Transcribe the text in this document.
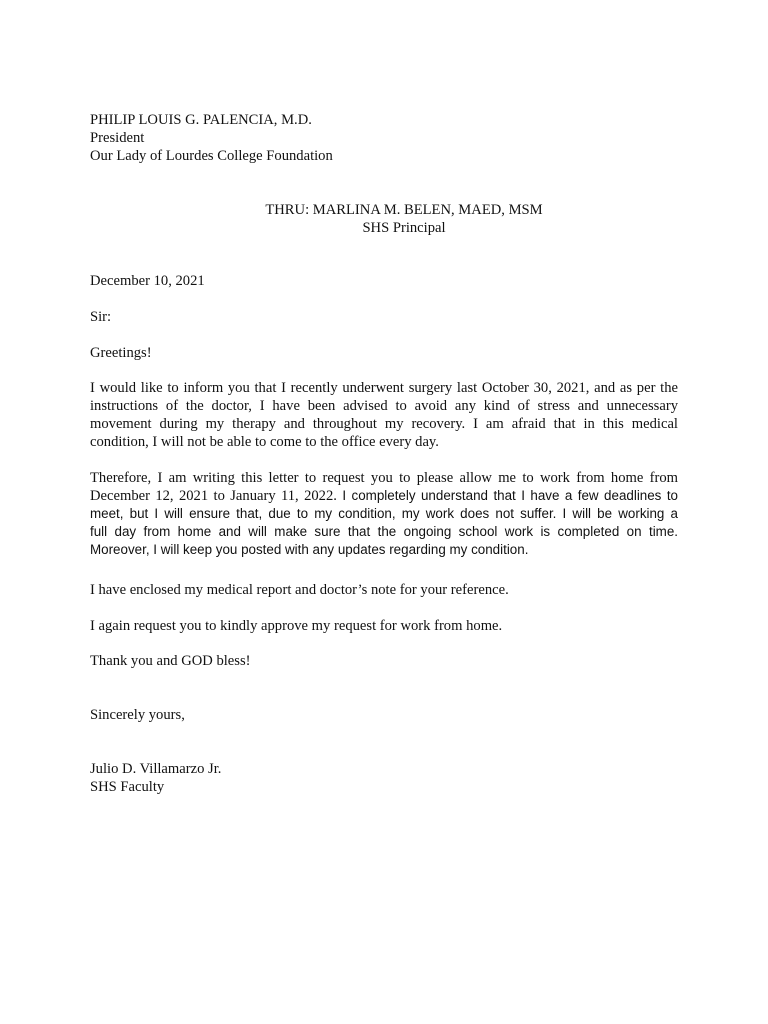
PHILIP LOUIS G. PALENCIA, M.D.
President
Our Lady of Lourdes College Foundation
THRU: MARLINA M. BELEN, MAED, MSM
SHS Principal
December 10, 2021
Sir:
Greetings!
I would like to inform you that I recently underwent surgery last October 30, 2021, and as per the
instructions of the doctor, I have been advised to avoid any kind of stress and unnecessary
movement during my therapy and throughout my recovery. I am afraid that in this medical
condition, I will not be able to come to the office every day.
Therefore, I am writing this letter to request you to please allow me to work from home from
December 12, 2021 to January 11, 2022. I completely understand that I have a few deadlines to
meet, but I will ensure that, due to my condition, my work does not suffer. I will be working a
full day from home and will make sure that the ongoing school work is completed on time.
Moreover, I will keep you posted with any updates regarding my condition.
I have enclosed my medical report and doctor’s note for your reference.
I again request you to kindly approve my request for work from home.
Thank you and GOD bless!
Sincerely yours,
Julio D. Villamarzo Jr.
SHS Faculty
